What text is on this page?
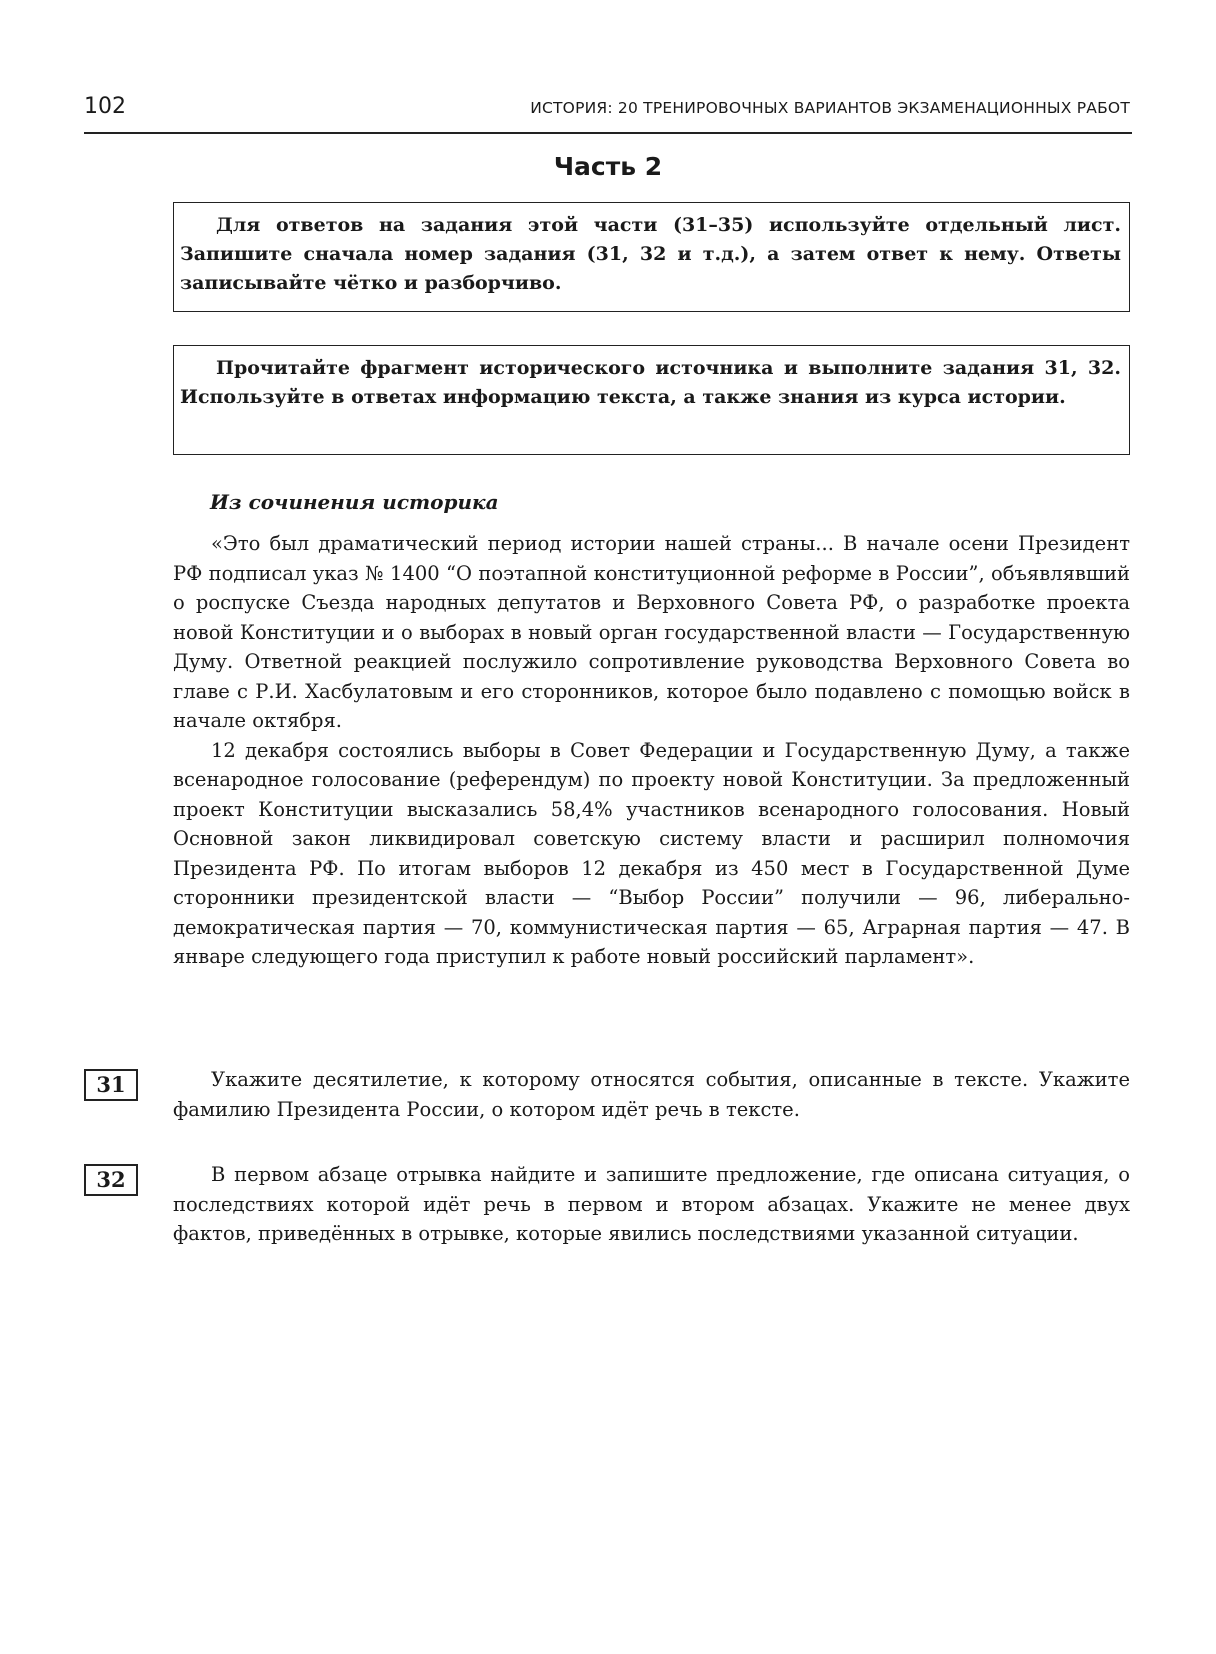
102	ИСТОРИЯ: 20 ТРЕНИРОВОЧНЫХ ВАРИАНТОВ ЭКЗАМЕНАЦИОННЫХ РАБОТ
Часть 2
Для ответов на задания этой части (31–35) используйте отдельный лист. Запишите сначала номер задания (31, 32 и т.д.), а затем ответ к нему. Ответы записывайте чётко и разборчиво.
Прочитайте фрагмент исторического источника и выполните задания 31, 32. Используйте в ответах информацию текста, а также знания из курса истории.
Из сочинения историка

«Это был драматический период истории нашей страны... В начале осени Президент РФ подписал указ № 1400 “О поэтапной конституционной реформе в России”, объявлявший о роспуске Съезда народных депутатов и Верховного Совета РФ, о разработке проекта новой Конституции и о выборах в новый орган государственной власти — Государственную Думу. Ответной реакцией послужило сопротивление руководства Верховного Совета во главе с Р.И. Хасбулатовым и его сторонников, которое было подавлено с помощью войск в начале октября.

12 декабря состоялись выборы в Совет Федерации и Государственную Думу, а также всенародное голосование (референдум) по проекту новой Конституции. За предложенный проект Конституции высказались 58,4% участников всенародного голосования. Новый Основной закон ликвидировал советскую систему власти и расширил полномочия Президента РФ. По итогам выборов 12 декабря из 450 мест в Государственной Думе сторонники президентской власти — “Выбор России” получили — 96, либерально-демократическая партия — 70, коммунистическая партия — 65, Аграрная партия — 47. В январе следующего года приступил к работе новый российский парламент».

31	Укажите десятилетие, к которому относятся события, описанные в тексте. Укажите фамилию Президента России, о котором идёт речь в тексте.

32	В первом абзаце отрывка найдите и запишите предложение, где описана ситуация, о последствиях которой идёт речь в первом и втором абзацах. Укажите не менее двух фактов, приведённых в отрывке, которые явились последствиями указанной ситуации.
